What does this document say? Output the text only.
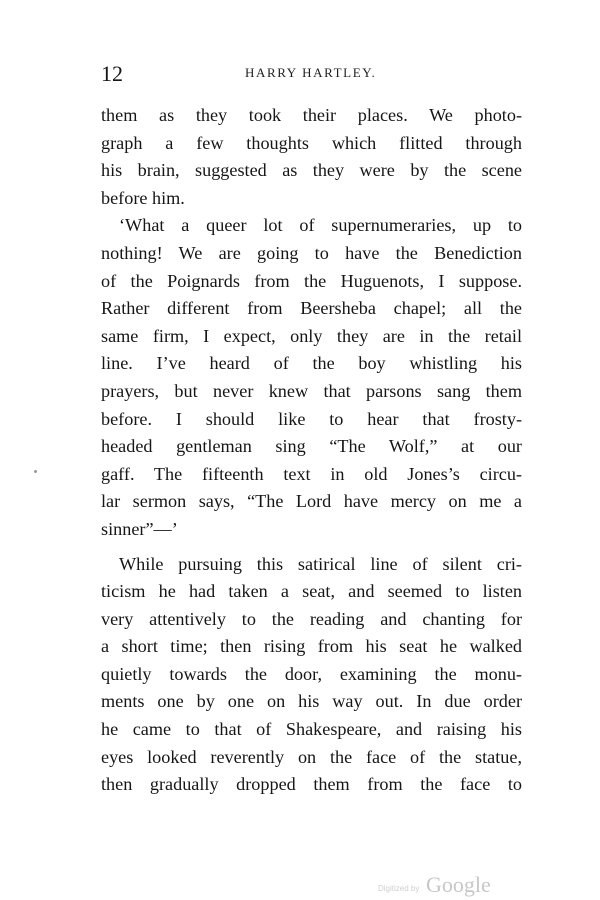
12	HARRY HARTLEY.
them as they took their places. We photo-
graph a few thoughts which flitted through
his brain, suggested as they were by the scene
before him.
‘What a queer lot of supernumeraries, up to
nothing! We are going to have the Benediction
of the Poignards from the Huguenots, I suppose.
Rather different from Beersheba chapel; all the
same firm, I expect, only they are in the retail
line. I’ve heard of the boy whistling his
prayers, but never knew that parsons sang them
before. I should like to hear that frosty-
headed gentleman sing “The Wolf,” at our
gaff. The fifteenth text in old Jones’s circu-
lar sermon says, “The Lord have mercy on me a
sinner”—’
While pursuing this satirical line of silent cri-
ticism he had taken a seat, and seemed to listen
very attentively to the reading and chanting for
a short time; then rising from his seat he walked
quietly towards the door, examining the monu-
ments one by one on his way out. In due order
he came to that of Shakespeare, and raising his
eyes looked reverently on the face of the statue,
then gradually dropped them from the face to
Digitized by Google
